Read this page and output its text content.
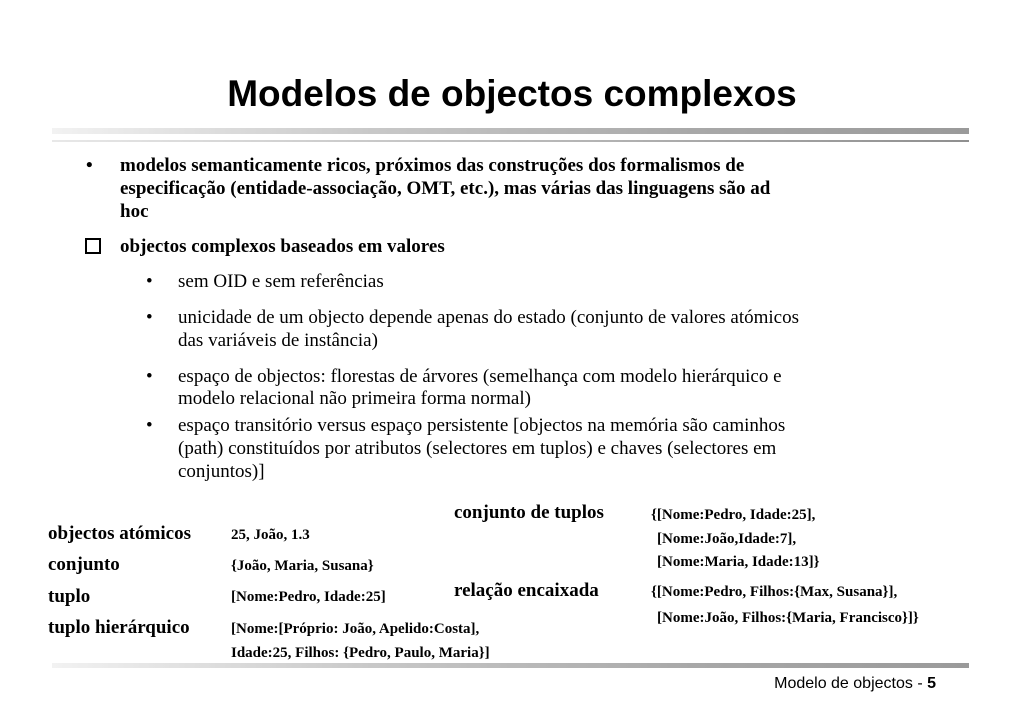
Modelos de objectos complexos
• modelos semanticamente ricos, próximos das construções dos formalismos de
especificação (entidade-associação, OMT, etc.), mas várias das linguagens são ad
hoc
objectos complexos baseados em valores
• sem OID e sem referências
• unicidade de um objecto depende apenas do estado (conjunto de valores atómicos
das variáveis de instância)
• espaço de objectos: florestas de árvores (semelhança com modelo hierárquico e
modelo relacional não primeira forma normal)
• espaço transitório versus espaço persistente [objectos na memória são caminhos
(path) constituídos por atributos (selectores em tuplos) e chaves (selectores em
conjuntos)]
objectos atómicos	25, João, 1.3
conjunto	{João, Maria, Susana}
tuplo	[Nome:Pedro, Idade:25]
tuplo hierárquico	[Nome:[Próprio: João, Apelido:Costa],
Idade:25, Filhos: {Pedro, Paulo, Maria}]
conjunto de tuplos	{[Nome:Pedro, Idade:25],
[Nome:João,Idade:7],
[Nome:Maria, Idade:13]}
relação encaixada	{[Nome:Pedro, Filhos:{Max, Susana}],
[Nome:João, Filhos:{Maria, Francisco}]}
Modelo de objectos - 5
